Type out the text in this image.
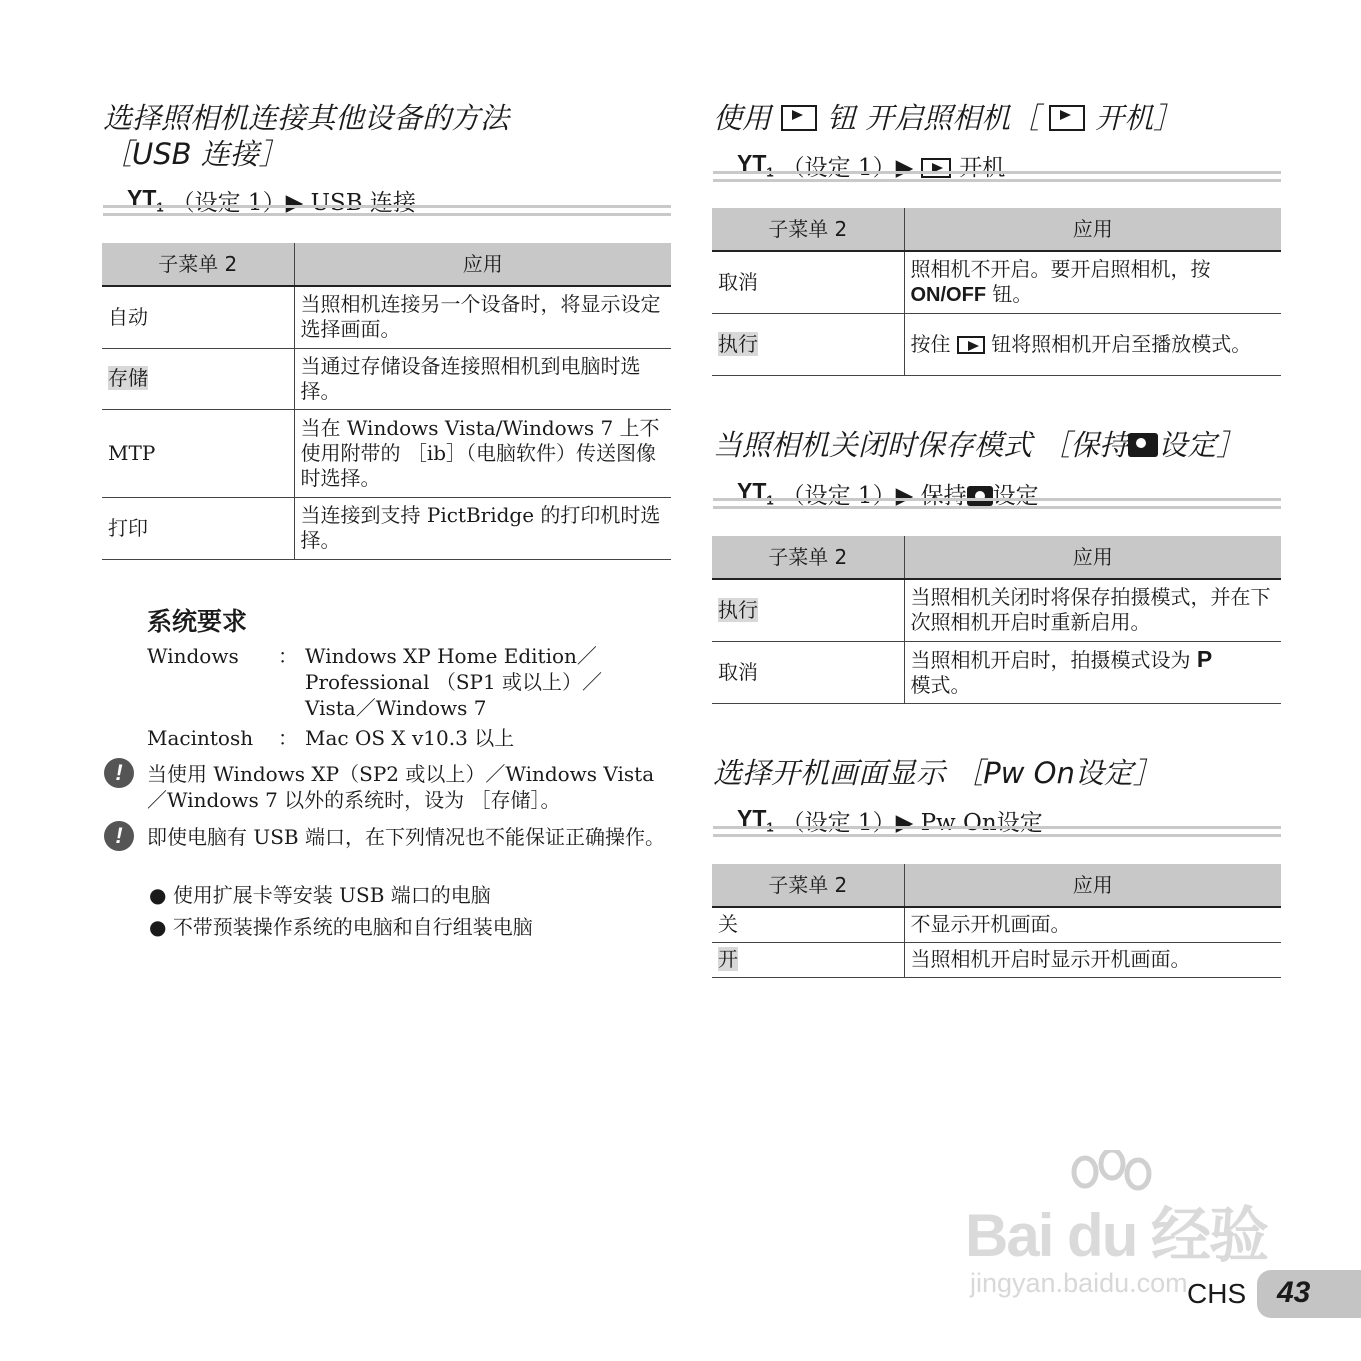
选择照相机连接其他设备的方法
［USB 连接］
$YT_1$ （设定 1）▶ USB 连接
子菜单 2	应用
自动	当照相机连接另一个设备时，将显示设定选择画面。
存储	当通过存储设备连接照相机到电脑时选择。
MTP	当在 Windows Vista/Windows 7 上不使用附带的 ［ib］（电脑软件）传送图像时选择。
打印	当连接到支持 PictBridge 的打印机时选择。
系统要求
Windows ： Windows XP Home Edition／
Professional （SP1 或以上）／
Vista／Windows 7
Macintosh ： Mac OS X v10.3 以上
!	当使用 Windows XP（SP2 或以上）／Windows Vista／Windows 7 以外的系统时，设为 ［存储］。
!	即使电脑有 USB 端口，在下列情况也不能保证正确操作。
● 使用扩展卡等安装 USB 端口的电脑
● 不带预装操作系统的电脑和自行组装电脑
使用 钮 开启照相机［ 开机］
$YT_1$ （设定 1）▶ 开机
子菜单 2	应用
取消	照相机不开启。要开启照相机，按
ON/OFF 钮。
执行	按住 钮将照相机开启至播放模式。
当照相机关闭时保存模式 ［保持 设定］
$YT_1$ （设定 1）▶ 保持 设定
子菜单 2	应用
执行	当照相机关闭时将保存拍摄模式，并在下次照相机开启时重新启用。
取消	当照相机开启时，拍摄模式设为 P
模式。
选择开机画面显示 ［Pw On设定］
$YT_1$ （设定 1）▶ Pw On设定
子菜单 2	应用
关	不显示开机画面。
开	当照相机开启时显示开机画面。
Bai du 经验
jingyan.baidu.com CHS 43
